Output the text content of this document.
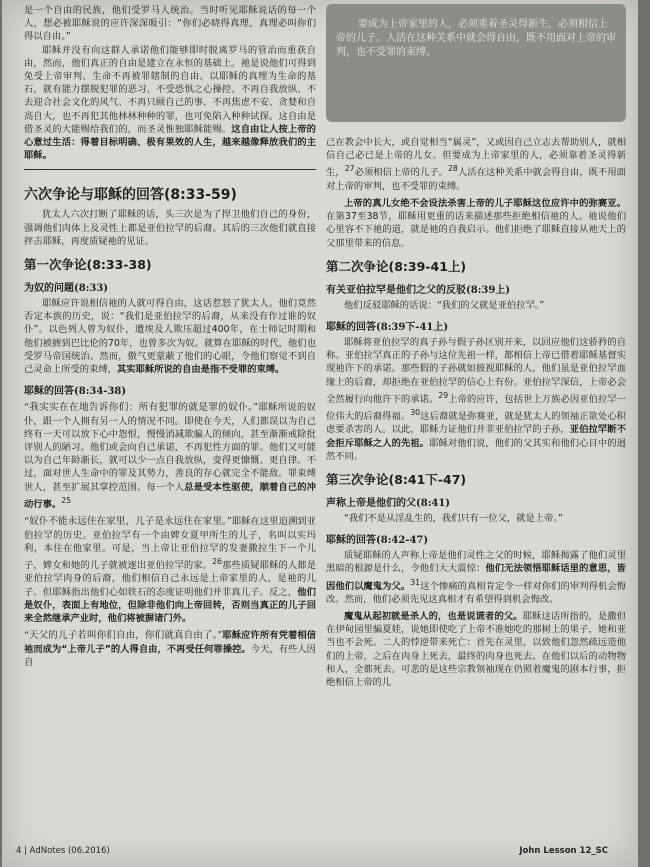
是一个自由的民族，他们受罗马人统治。当时听见耶稣说话的每一个人，想必被耶稣说的应许深深吸引：“你们必晓得真理，真理必叫你们得以自由。”

耶稣并没有向这群人承诺他们能够即时脱离罗马的管治而重获自由，然而，他们真正的自由是建立在永恒的基础上。祂是说他们可得到免受上帝审判、生命不再被罪辖制的自由。以耶稣的真理为生命的基石，就有能力摆脱犯罪的恶习、不受恐惧之心操控、不再自我放纵、不去迎合社会文化的风气、不再只顾自己的事、不再焦虑不安、贪婪和自高自大，也不再犯其他林林种种的罪，也可免陷入种种试探。这自由是借圣灵的大能赐给我们的，而圣灵惟独耶稣能赐。这自由让人按上帝的心意过生活：得着目标明确、极有果效的人生，越来越像释放我们的主耶稣。

六次争论与耶稣的回答(8:33-59)

犹太人六次打断了耶稣的话，头三次是为了捍卫他们自己的身份，强调他们肉体上及灵性上都是亚伯拉罕的后裔。其后的三次他们就直接抨击耶稣，再度质疑祂的见证。

第一次争论(8:33-38)
为奴的问题(8:33)

耶稣应许说相信祂的人就可得自由，这话惹怒了犹太人。他们竟然否定本族的历史，说：“我们是亚伯拉罕的后裔，从来没有作过谁的奴仆”。以色列人曾为奴仆，遭埃及人欺压超过400年，在士师记时期和他们被掳到巴比伦的70年，也曾多次为奴。就算在耶稣的时代，他们也受罗马帝国统治。然而，傲气更蒙蔽了他们的心眼，令他们察觉不到自己灵命上所受的束缚，其实耶稣所说的自由是指不受罪的束缚。

耶稣的回答(8:34-38)

“我实实在在地告诉你们：所有犯罪的就是罪的奴仆。”耶稣所说的奴仆，跟一个人拥有另一人的情况不同。即使在今天，人们都误以为自己终有一天可以放下心中怨恨，慢慢消减欺骗人的倾向，甚至渐渐戒除批评别人的陋习。他们或会向自己承诺，不再犯性方面的罪。他们又可能以为自己年龄渐长，就可以少一点自我放纵，变得更慷慨、更自律。不过，面对世人生命中的罪及其势力，善良的存心就完全不能敌。罪束缚世人，甚至扩展其掌控范围。每一个人总是受本性驱使，顺着自己的冲动行事。$^{25}$

“奴仆不能永远住在家里，儿子是永远住在家里。”耶稣在这里追溯到亚伯拉罕的历史。亚伯拉罕有一个由婢女夏甲所生的儿子，名叫以实玛利，本住在他家里。可是，当上帝让亚伯拉罕的发妻撒拉生下一个儿子，婢女和她的儿子就被逐出亚伯拉罕的家。$^{26}$那些质疑耶稣的人都是亚伯拉罕肉身的后裔，他们相信自己永远是上帝家里的人，是祂的儿子。但耶稣指出他们心如铁石的态度证明他们并非真儿子。反之，他们是奴仆，表面上有地位，但除非他们向上帝回转，否则当真正的儿子回来全然继承产业时，他们将被摒诸门外。

“天父的儿子若叫你们自由，你们就真自由了。”耶稣应许所有凭着相信祂而成为“上帝儿子”的人得自由，不再受任何罪操控。今天，有些人因自

要成为上帝家里的人，必须重着圣灵得新生，必须相信上帝的儿子。人活在这种关系中就会得自由，既不用面对上帝的审判，也不受罪的束缚。

己在教会中长大，或自觉相当“属灵”，又或因自己立志去帮助别人，就相信自己必已是上帝的儿女。但要成为上帝家里的人，必须靠着圣灵得新生，$^{27}$必须相信上帝的儿子。$^{28}$人活在这种关系中就会得自由，既不用面对上帝的审判，也不受罪的束缚。

上帝的真儿女绝不会设法杀害上帝的儿子耶稣这位应许中的弥赛亚。在第37至38节，耶稣用更重的话来描述那些拒绝相信祂的人。祂说他们心里容不下祂的道，就是祂的自我启示。他们拒绝了耶稣直接从祂天上的父那里带来的信息。

第二次争论(8:39-41上)
有关亚伯拉罕是他们之父的反驳(8:39上)

他们反驳耶稣的话说：“我们的父就是亚伯拉罕。”

耶稣的回答(8:39下-41上)

耶稣将亚伯拉罕的真子孙与假子孙区别开来，以回应他们这骄矜的自称。亚伯拉罕真正的子孙与这位先祖一样，都相信上帝已借着耶稣基督实现祂许下的承诺。那些假的子孙就如披视耶稣的人，他们虽是亚伯拉罕血缘上的后裔，却拒绝在亚伯拉罕的信心上有份。亚伯拉罕深信，上帝必会全然履行向他许下的承诺。$^{29}$上帝的应许，包括世上万族必因亚伯拉罕一位伟大的后裔得福。$^{30}$这后裔就是弥赛亚，就是犹太人的领袖正欲处心积虑要杀害的人。以此，耶稣力证他们并非亚伯拉罕的子孙，亚伯拉罕断不会拒斥耶稣之人的先祖。耶稣对他们说，他们的父其实和他们心目中的迥然不同。

第三次争论(8:41下-47)
声称上帝是他们的父(8:41)

“我们不是从淫乱生的，我们只有一位父，就是上帝。”

耶稣的回答(8:42-47)

质疑耶稣的人声称上帝是他们灵性之父的时候，耶稣揭露了他们灵里黑暗的根源是什么，令他们大大震惊：他们无法领悟耶稣话里的意思，皆因他们以魔鬼为父。$^{31}$这个惨痛的真相肯定令一样对你们的审判得机会悔改。然而，他们必须先见这真相才有希望得到机会悔改。

魔鬼从起初就是杀人的，也是说谎者的父。耶稣这话所指的，是撒但在伊甸园里骗夏娃，说她即使吃了上帝不准她吃的那树上的果子，她和亚当也不会死。二人的悖逆带来死亡：首先在灵里，以致他们忽然疏远造他们的上帝，之后在肉身上死去，最终的肉身也死去。在他们以后的动物物和人，全都死去。可悲的是这些宗教领袖现在仍照着魔鬼的剧本行事，拒绝相信上帝的儿

4 | AdNotes (06.2016)	John Lesson 12_SC
